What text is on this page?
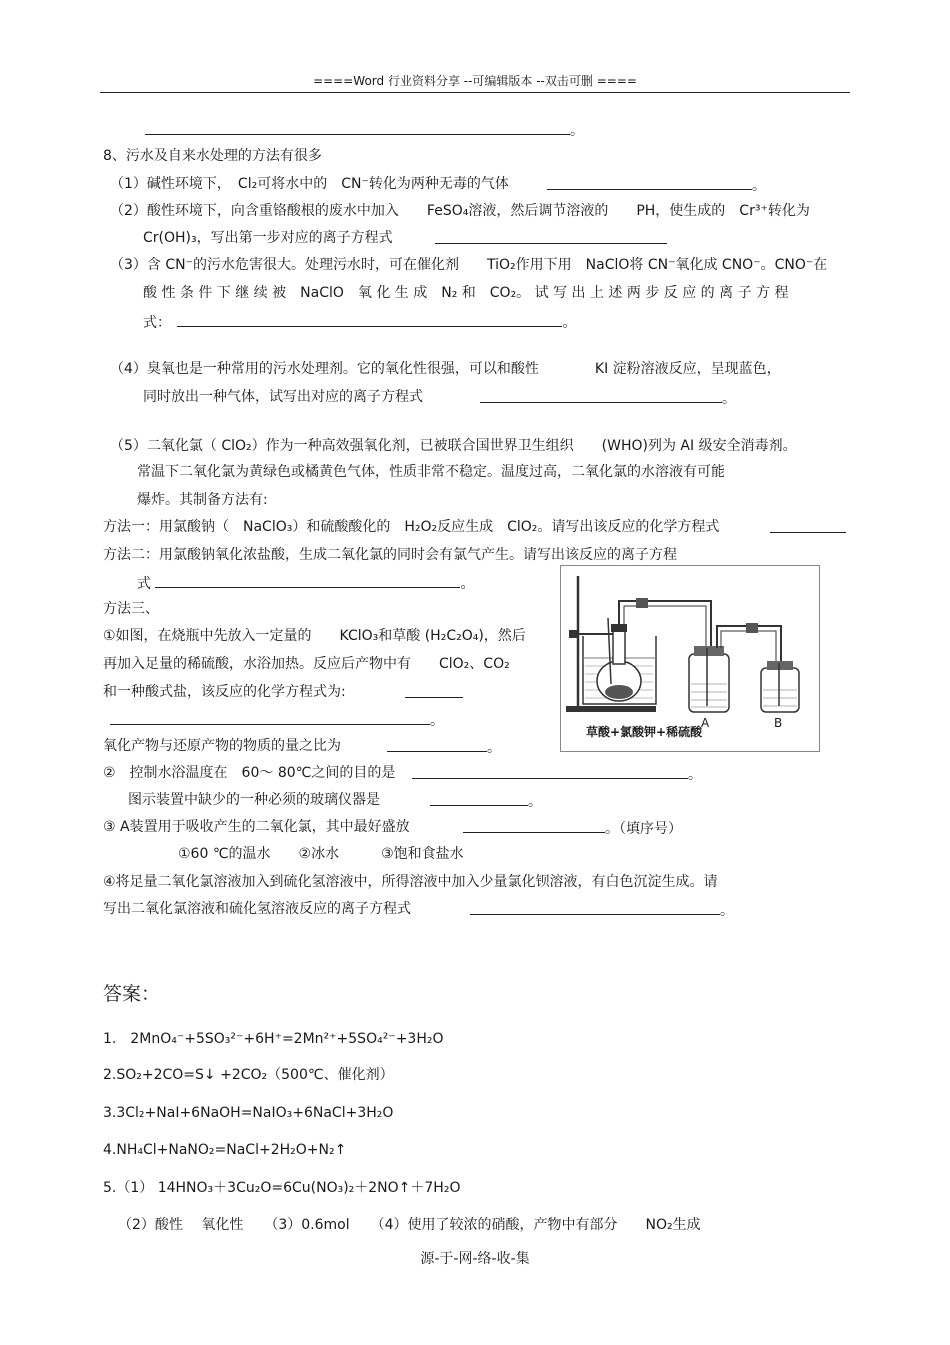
====Word 行业资料分享 --可编辑版本 --双击可删 ====
。
8、污水及自来水处理的方法有很多
（1）碱性环境下，　Cl₂可将水中的　CN⁻转化为两种无毒的气体	。
（2）酸性环境下，向含重铬酸根的废水中加入　　FeSO₄溶液，然后调节溶液的　　PH，使生成的　Cr³⁺转化为
Cr(OH)₃，写出第一步对应的离子方程式
（3）含 CN⁻的污水危害很大。处理污水时，可在催化剂　　TiO₂作用下用　NaClO将 CN⁻氧化成 CNO⁻。CNO⁻在
酸 性 条 件 下 继 续 被　NaClO　氧 化 生 成　N₂ 和　CO₂。 试 写 出 上 述 两 步 反 应 的 离 子 方 程
式：	。
（4）臭氧也是一种常用的污水处理剂。它的氧化性很强，可以和酸性　　　　KI 淀粉溶液反应，呈现蓝色，
同时放出一种气体，试写出对应的离子方程式	。
（5）二氧化氯（ ClO₂）作为一种高效强氧化剂，已被联合国世界卫生组织　　(WHO)列为 AI 级安全消毒剂。
常温下二氧化氯为黄绿色或橘黄色气体，性质非常不稳定。温度过高，二氧化氯的水溶液有可能
爆炸。其制备方法有:
方法一：用氯酸钠（　NaClO₃）和硫酸酸化的　H₂O₂反应生成　ClO₂。请写出该反应的化学方程式
方法二：用氯酸钠氧化浓盐酸，生成二氧化氯的同时会有氯气产生。请写出该反应的离子方程
式	。
方法三、
①如图，在烧瓶中先放入一定量的　　KClO₃和草酸 (H₂C₂O₄)，然后
再加入足量的稀硫酸，水浴加热。反应后产物中有　　ClO₂、CO₂
和一种酸式盐，该反应的化学方程式为:
。
氧化产物与还原产物的物质的量之比为	。
②　控制水浴温度在　60～ 80℃之间的目的是	。
图示装置中缺少的一种必须的玻璃仪器是	。
③ A装置用于吸收产生的二氧化氯，其中最好盛放	。（填序号）
①60 ℃的温水　　②冰水　　　③饱和食盐水
④将足量二氧化氯溶液加入到硫化氢溶液中，所得溶液中加入少量氯化钡溶液，有白色沉淀生成。请
写出二氧化氯溶液和硫化氢溶液反应的离子方程式	。
A	B
草酸+氯酸钾+稀硫酸
答案：
1.　2MnO₄⁻+5SO₃²⁻+6H⁺=2Mn²⁺+5SO₄²⁻+3H₂O
2.SO₂+2CO=S↓ +2CO₂（500℃、催化剂）
3.3Cl₂+NaI+6NaOH=NaIO₃+6NaCl+3H₂O
4.NH₄Cl+NaNO₂=NaCl+2H₂O+N₂↑
5.（1） 14HNO₃＋3Cu₂O=6Cu(NO₃)₂＋2NO↑＋7H₂O
（2）酸性　 氧化性　　（3）0.6mol　　（4）使用了较浓的硝酸，产物中有部分　　NO₂生成
源-于-网-络-收-集
